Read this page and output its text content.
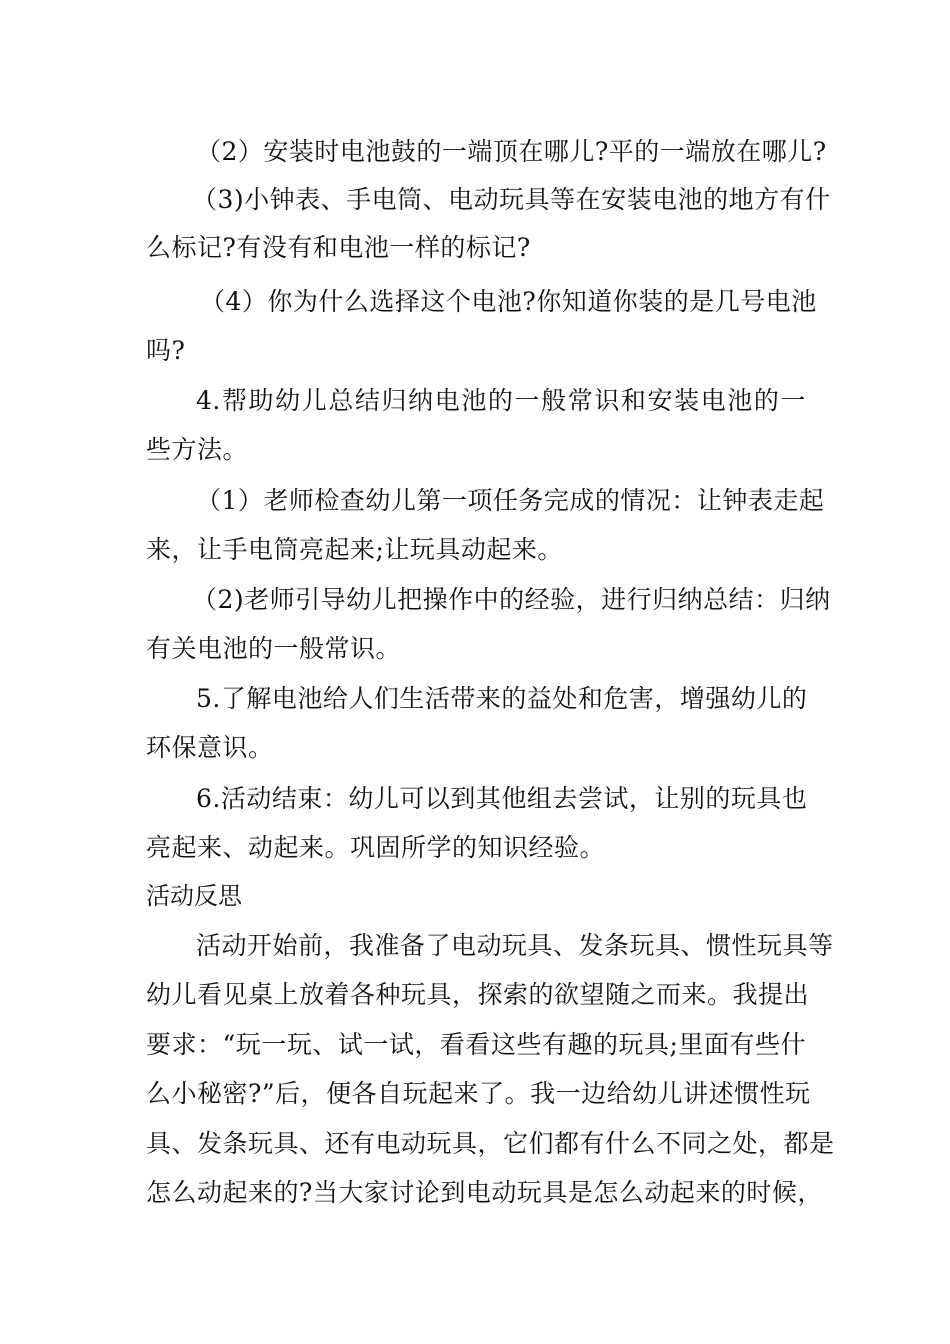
（2）安装时电池鼓的一端顶在哪儿?平的一端放在哪儿?
（3)小钟表、手电筒、电动玩具等在安装电池的地方有什
么标记?有没有和电池一样的标记?
（4）你为什么选择这个电池?你知道你装的是几号电池
吗?
4.帮助幼儿总结归纳电池的一般常识和安装电池的一
些方法。
（1）老师检查幼儿第一项任务完成的情况：让钟表走起
来，让手电筒亮起来;让玩具动起来。
（2)老师引导幼儿把操作中的经验，进行归纳总结：归纳
有关电池的一般常识。
5.了解电池给人们生活带来的益处和危害，增强幼儿的
环保意识。
6.活动结束：幼儿可以到其他组去尝试，让别的玩具也
亮起来、动起来。巩固所学的知识经验。
活动反思
活动开始前，我准备了电动玩具、发条玩具、惯性玩具等
幼儿看见桌上放着各种玩具，探索的欲望随之而来。我提出
要求：“玩一玩、试一试，看看这些有趣的玩具;里面有些什
么小秘密?”后，便各自玩起来了。我一边给幼儿讲述惯性玩
具、发条玩具、还有电动玩具，它们都有什么不同之处，都是
怎么动起来的?当大家讨论到电动玩具是怎么动起来的时候，
